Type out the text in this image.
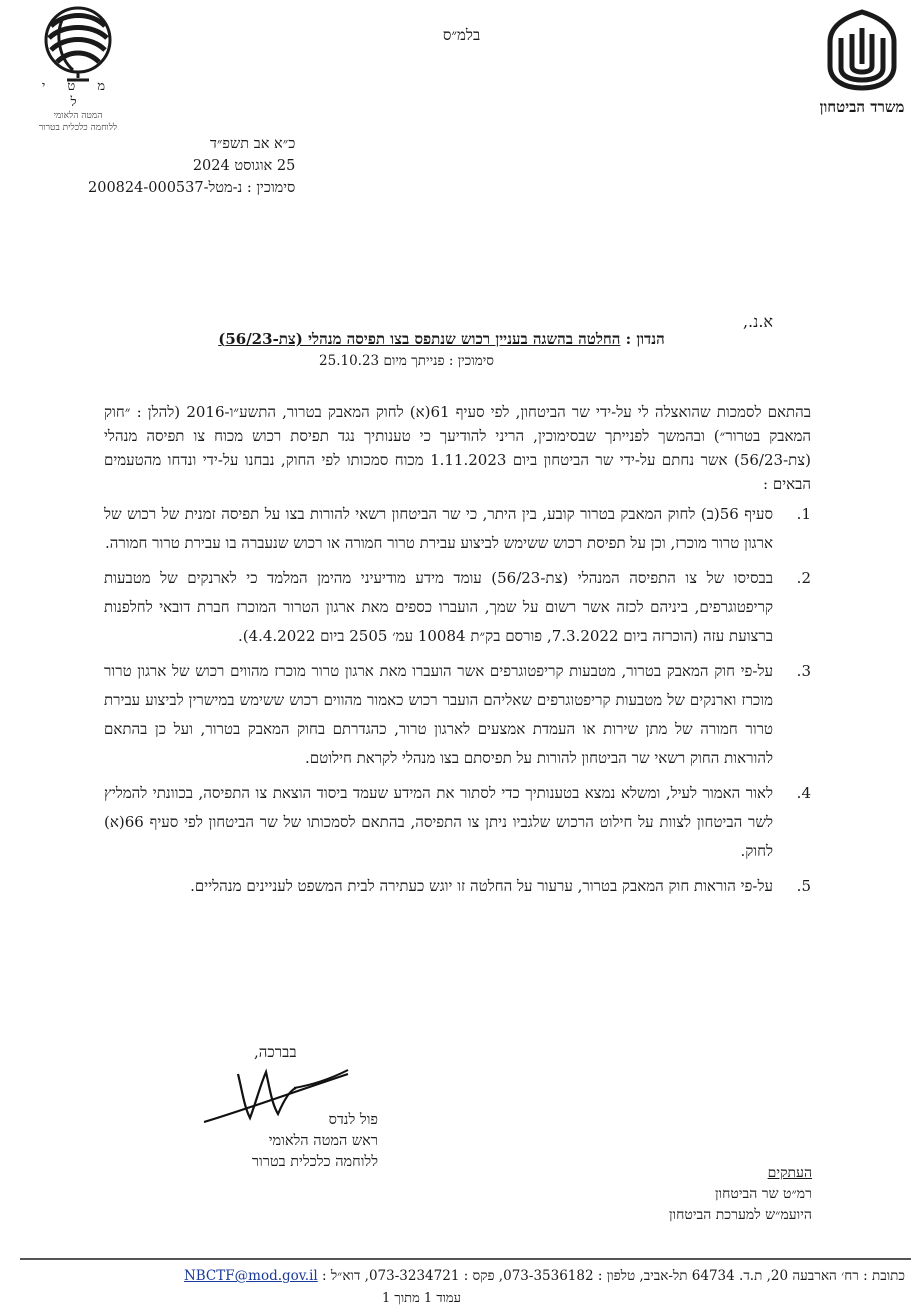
משרד הביטחון
מ ט י ל
המטה הלאומי
ללוחמה כלכלית בטרור
בלמ״ס
כ״א אב תשפ״ד
25 אוגוסט 2024
סימוכין : נ-מטל-200824-000537
א.נ.,
הנדון : החלטה בהשגה בעניין רכוש שנתפס בצו תפיסה מנהלי (צת-56/23)
סימוכין : פנייתך מיום 25.10.23

בהתאם לסמכות שהואצלה לי על-ידי שר הביטחון, לפי סעיף 61(א) לחוק המאבק בטרור, התשע״ו-2016 (להלן : ״חוק המאבק בטרור״) ובהמשך לפנייתך שבסימוכין, הריני להודיעך כי טענותיך נגד תפיסת רכוש מכוח צו תפיסה מנהלי (צת-56/23) אשר נחתם על-ידי שר הביטחון ביום 1.11.2023 מכוח סמכותו לפי החוק, נבחנו על-ידי ונדחו מהטעמים הבאים :

1.
סעיף 56(ב) לחוק המאבק בטרור קובע, בין היתר, כי שר הביטחון רשאי להורות בצו על תפיסה זמנית של רכוש של ארגון טרור מוכרז, וכן על תפיסת רכוש ששימש לביצוע עבירת טרור חמורה או רכוש שנעברה בו עבירת טרור חמורה.
2.
בבסיסו של צו התפיסה המנהלי (צת-56/23) עומד מידע מודיעיני מהימן המלמד כי לארנקים של מטבעות קריפטוגרפים, ביניהם לכזה אשר רשום על שמך, הועברו כספים מאת ארגון הטרור המוכרז חברת דובאי לחלפנות ברצועת עזה (הוכרזה ביום 7.3.2022, פורסם בק״ת 10084 עמ׳ 2505 ביום 4.4.2022).
3.
על-פי חוק המאבק בטרור, מטבעות קריפטוגרפים אשר הועברו מאת ארגון טרור מוכרז מהווים רכוש של ארגון טרור מוכרז וארנקים של מטבעות קריפטוגרפים שאליהם הועבר רכוש כאמור מהווים רכוש ששימש במישרין לביצוע עבירת טרור חמורה של מתן שירות או העמדת אמצעים לארגון טרור, כהגדרתם בחוק המאבק בטרור, ועל כן בהתאם להוראות החוק רשאי שר הביטחון להורות על תפיסתם בצו מנהלי לקראת חילוטם.
4.
לאור האמור לעיל, ומשלא נמצא בטענותיך כדי לסתור את המידע שעמד ביסוד הוצאת צו התפיסה, בכוונתי להמליץ לשר הביטחון לצוות על חילוט הרכוש שלגביו ניתן צו התפיסה, בהתאם לסמכותו של שר הביטחון לפי סעיף 66(א) לחוק.
5.
על-פי הוראות חוק המאבק בטרור, ערעור על החלטה זו יוגש כעתירה לבית המשפט לעניינים מנהליים.
בברכה,
פול לנדס
ראש המטה הלאומי
ללוחמה כלכלית בטרור
העתקים
רמ״ט שר הביטחון
היועמ״ש למערכת הביטחון
כתובת : רח׳ הארבעה 20, ת.ד. 64734 תל-אביב, טלפון : 073-3536182, פקס : 073-3234721, דוא״ל : NBCTF@mod.gov.il
עמוד 1 מתוך 1
